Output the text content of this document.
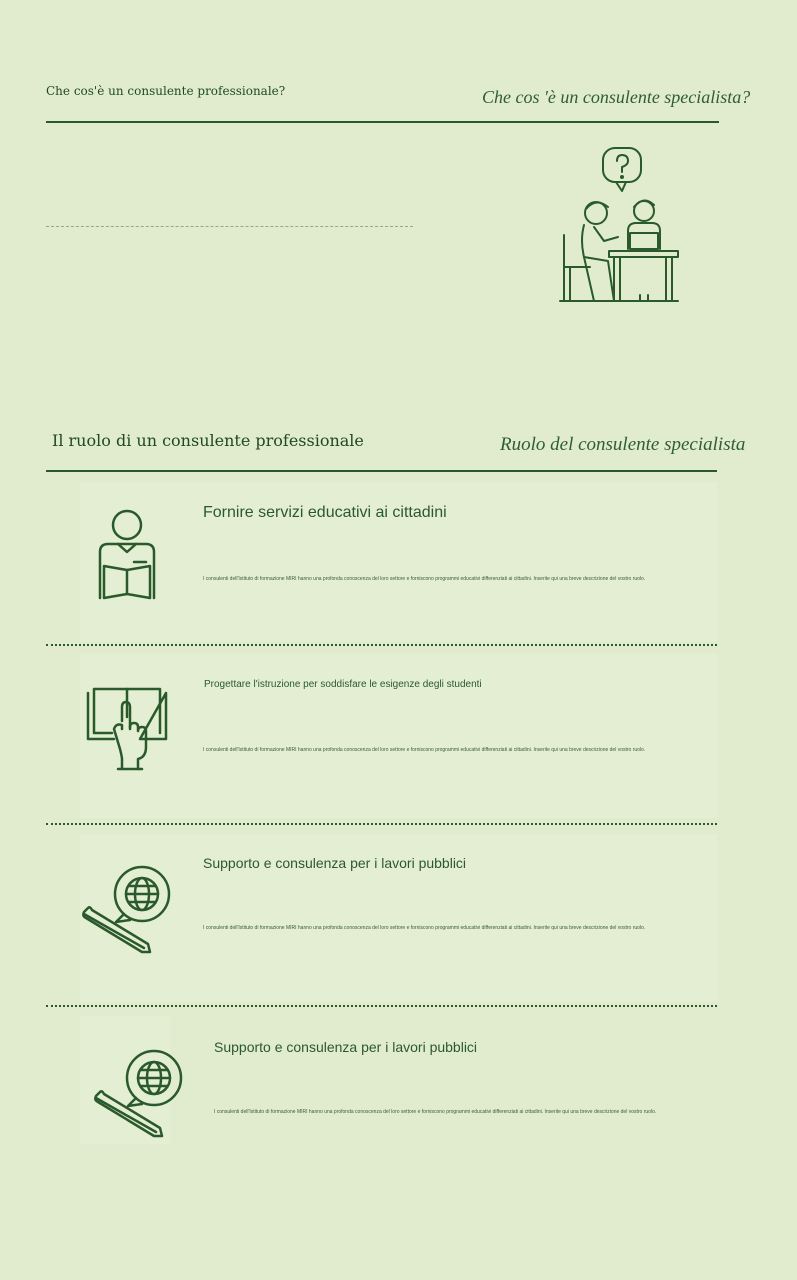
Che cos'è un consulente professionale?	Che cos 'è un consulente specialista?
Il ruolo di un consulente professionale	Ruolo del consulente specialista
Fornire servizi educativi ai cittadini
I consulenti dell'Istituto di formazione MIRI hanno una profonda conoscenza del loro settore e forniscono programmi educativi differenziati ai cittadini. Inserite qui una breve descrizione del vostro ruolo.
Progettare l'istruzione per soddisfare le esigenze degli studenti
I consulenti dell'Istituto di formazione MIRI hanno una profonda conoscenza del loro settore e forniscono programmi educativi differenziati ai cittadini. Inserite qui una breve descrizione del vostro ruolo.
Supporto e consulenza per i lavori pubblici
I consulenti dell'Istituto di formazione MIRI hanno una profonda conoscenza del loro settore e forniscono programmi educativi differenziati ai cittadini. Inserite qui una breve descrizione del vostro ruolo.
Supporto e consulenza per i lavori pubblici
I consulenti dell'Istituto di formazione MIRI hanno una profonda conoscenza del loro settore e forniscono programmi educativi differenziati ai cittadini. Inserite qui una breve descrizione del vostro ruolo.
